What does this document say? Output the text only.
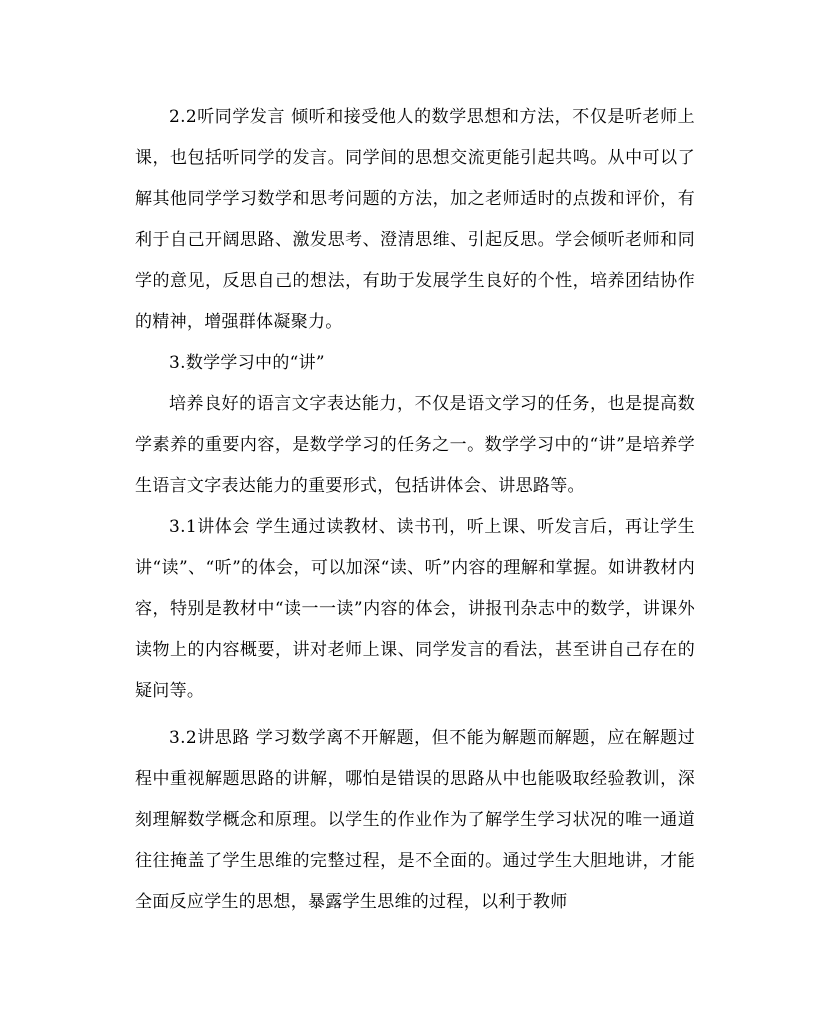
2.2听同学发言 倾听和接受他人的数学思想和方法，不仅是听老师上课，也包括听同学的发言。同学间的思想交流更能引起共鸣。从中可以了解其他同学学习数学和思考问题的方法，加之老师适时的点拨和评价，有利于自己开阔思路、激发思考、澄清思维、引起反思。学会倾听老师和同学的意见，反思自己的想法，有助于发展学生良好的个性，培养团结协作的精神，增强群体凝聚力。

3.数学学习中的“讲”

培养良好的语言文字表达能力，不仅是语文学习的任务，也是提高数学素养的重要内容，是数学学习的任务之一。数学学习中的“讲”是培养学生语言文字表达能力的重要形式，包括讲体会、讲思路等。

3.1讲体会 学生通过读教材、读书刊，听上课、听发言后，再让学生讲“读”、“听”的体会，可以加深“读、听”内容的理解和掌握。如讲教材内容，特别是教材中“读一一读”内容的体会，讲报刊杂志中的数学，讲课外读物上的内容概要，讲对老师上课、同学发言的看法，甚至讲自己存在的疑问等。

3.2讲思路 学习数学离不开解题，但不能为解题而解题，应在解题过程中重视解题思路的讲解，哪怕是错误的思路从中也能吸取经验教训，深刻理解数学概念和原理。以学生的作业作为了解学生学习状况的唯一通道往往掩盖了学生思维的完整过程，是不全面的。通过学生大胆地讲，才能全面反应学生的思想，暴露学生思维的过程，以利于教师
